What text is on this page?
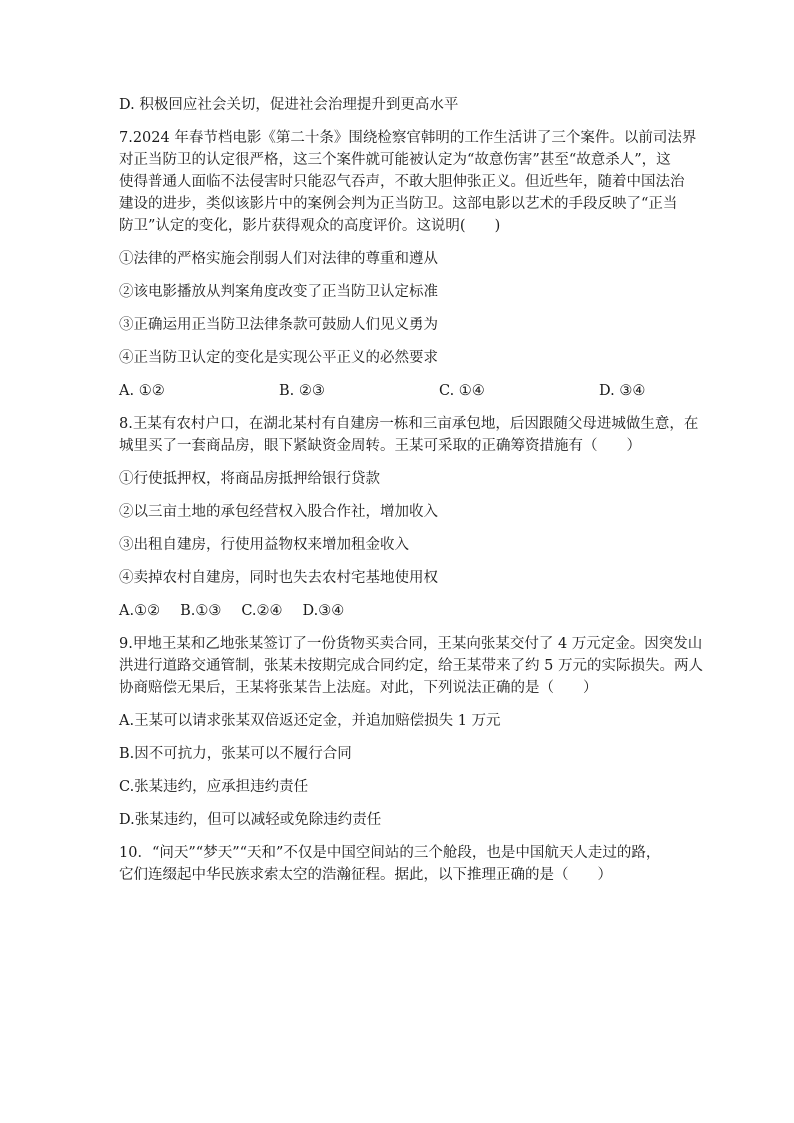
D. 积极回应社会关切，促进社会治理提升到更高水平

7.2024 年春节档电影《第二十条》围绕检察官韩明的工作生活讲了三个案件。以前司法界
对正当防卫的认定很严格，这三个案件就可能被认定为“故意伤害”甚至“故意杀人”，这
使得普通人面临不法侵害时只能忍气吞声，不敢大胆伸张正义。但近些年，随着中国法治
建设的进步，类似该影片中的案例会判为正当防卫。这部电影以艺术的手段反映了“正当
防卫”认定的变化，影片获得观众的高度评价。这说明(　　)

①法律的严格实施会削弱人们对法律的尊重和遵从

②该电影播放从判案角度改变了正当防卫认定标准

③正确运用正当防卫法律条款可鼓励人们见义勇为

④正当防卫认定的变化是实现公平正义的必然要求

A. ①②	B. ②③	C. ①④	D. ③④
8.王某有农村户口，在湖北某村有自建房一栋和三亩承包地，后因跟随父母进城做生意，在
城里买了一套商品房，眼下紧缺资金周转。王某可采取的正确筹资措施有（　　）

①行使抵押权，将商品房抵押给银行贷款

②以三亩土地的承包经营权入股合作社，增加收入

③出租自建房，行使用益物权来增加租金收入

④卖掉农村自建房，同时也失去农村宅基地使用权

A.①② B.①③ C.②④ D.③④
9.甲地王某和乙地张某签订了一份货物买卖合同，王某向张某交付了 4 万元定金。因突发山
洪进行道路交通管制，张某未按期完成合同约定，给王某带来了约 5 万元的实际损失。两人
协商赔偿无果后，王某将张某告上法庭。对此，下列说法正确的是（　　）

A.王某可以请求张某双倍返还定金，并追加赔偿损失 1 万元

B.因不可抗力，张某可以不履行合同

C.张某违约，应承担违约责任

D.张某违约，但可以减轻或免除违约责任

10．“问天”“梦天”“天和”不仅是中国空间站的三个舱段，也是中国航天人走过的路，
它们连缀起中华民族求索太空的浩瀚征程。据此，以下推理正确的是（　　）
